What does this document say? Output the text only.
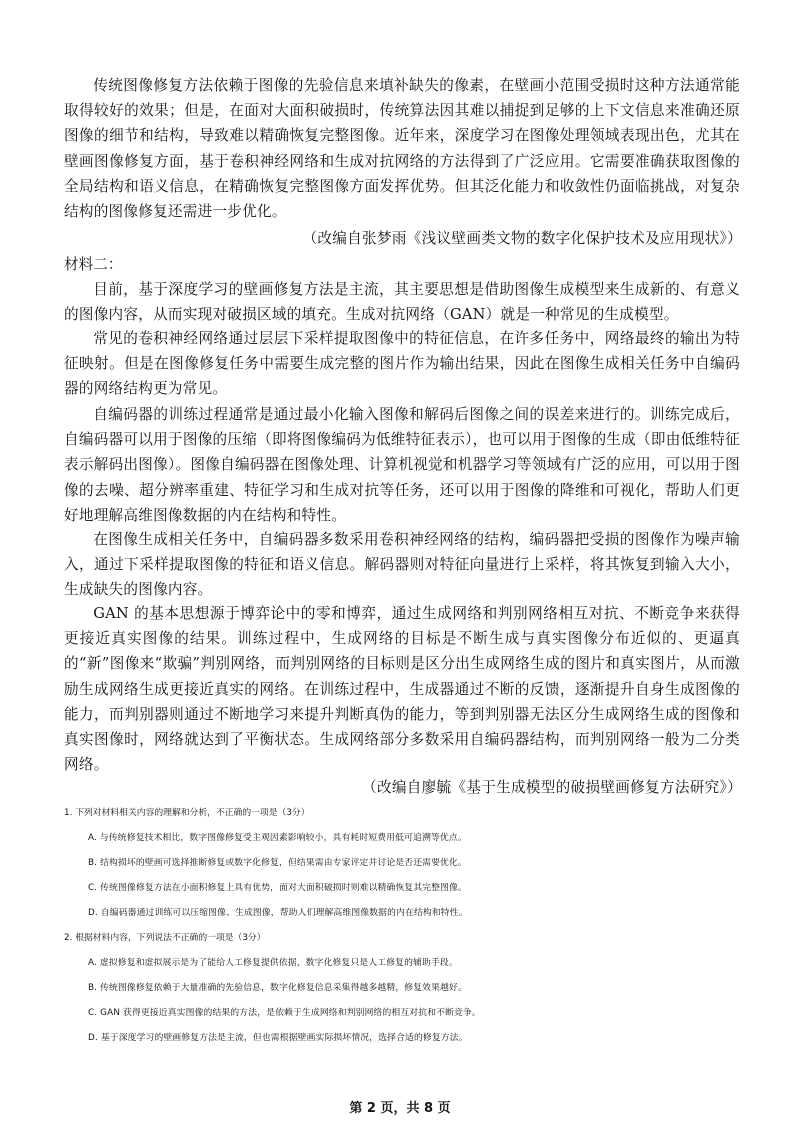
传统图像修复方法依赖于图像的先验信息来填补缺失的像素，在壁画小范围受损时这种方法通常能取得较好的效果；但是，在面对大面积破损时，传统算法因其难以捕捉到足够的上下文信息来准确还原图像的细节和结构，导致难以精确恢复完整图像。近年来，深度学习在图像处理领域表现出色，尤其在壁画图像修复方面，基于卷积神经网络和生成对抗网络的方法得到了广泛应用。它需要准确获取图像的全局结构和语义信息，在精确恢复完整图像方面发挥优势。但其泛化能力和收敛性仍面临挑战，对复杂结构的图像修复还需进一步优化。

（改编自张梦雨《浅议壁画类文物的数字化保护技术及应用现状》）

材料二：

目前，基于深度学习的壁画修复方法是主流，其主要思想是借助图像生成模型来生成新的、有意义的图像内容，从而实现对破损区域的填充。生成对抗网络（GAN）就是一种常见的生成模型。

常见的卷积神经网络通过层层下采样提取图像中的特征信息，在许多任务中，网络最终的输出为特征映射。但是在图像修复任务中需要生成完整的图片作为输出结果，因此在图像生成相关任务中自编码器的网络结构更为常见。

自编码器的训练过程通常是通过最小化输入图像和解码后图像之间的误差来进行的。训练完成后，自编码器可以用于图像的压缩（即将图像编码为低维特征表示），也可以用于图像的生成（即由低维特征表示解码出图像）。图像自编码器在图像处理、计算机视觉和机器学习等领域有广泛的应用，可以用于图像的去噪、超分辨率重建、特征学习和生成对抗等任务，还可以用于图像的降维和可视化，帮助人们更好地理解高维图像数据的内在结构和特性。

在图像生成相关任务中，自编码器多数采用卷积神经网络的结构，编码器把受损的图像作为噪声输入，通过下采样提取图像的特征和语义信息。解码器则对特征向量进行上采样，将其恢复到输入大小，生成缺失的图像内容。

GAN 的基本思想源于博弈论中的零和博弈，通过生成网络和判别网络相互对抗、不断竞争来获得更接近真实图像的结果。训练过程中，生成网络的目标是不断生成与真实图像分布近似的、更逼真的“新”图像来“欺骗”判别网络，而判别网络的目标则是区分出生成网络生成的图片和真实图片，从而激励生成网络生成更接近真实的网络。在训练过程中，生成器通过不断的反馈，逐渐提升自身生成图像的能力，而判别器则通过不断地学习来提升判断真伪的能力，等到判别器无法区分生成网络生成的图像和真实图像时，网络就达到了平衡状态。生成网络部分多数采用自编码器结构，而判别网络一般为二分类网络。

（改编自廖毓《基于生成模型的破损壁画修复方法研究》）

1. 下列对材料相关内容的理解和分析，不正确的一项是（3分）

A. 与传统修复技术相比，数字图像修复受主观因素影响较小，具有耗时短费用低可追溯等优点。

B. 结构损坏的壁画可选择推断修复或数字化修复，但结果需由专家评定并讨论是否还需要优化。

C. 传统图像修复方法在小面积修复上具有优势，面对大面积破损时则难以精确恢复其完整图像。

D. 自编码器通过训练可以压缩图像、生成图像，帮助人们理解高维图像数据的内在结构和特性。

2. 根据材料内容，下列说法不正确的一项是（3分）

A. 虚拟修复和虚拟展示是为了能给人工修复提供依据，数字化修复只是人工修复的辅助手段。

B. 传统图像修复依赖于大量准确的先验信息，数字化修复信息采集得越多越精，修复效果越好。

C. GAN 获得更接近真实图像的结果的方法，是依赖于生成网络和判别网络的相互对抗和不断竞争。

D. 基于深度学习的壁画修复方法是主流，但也需根据壁画实际损坏情况，选择合适的修复方法。

第 2 页，共 8 页
